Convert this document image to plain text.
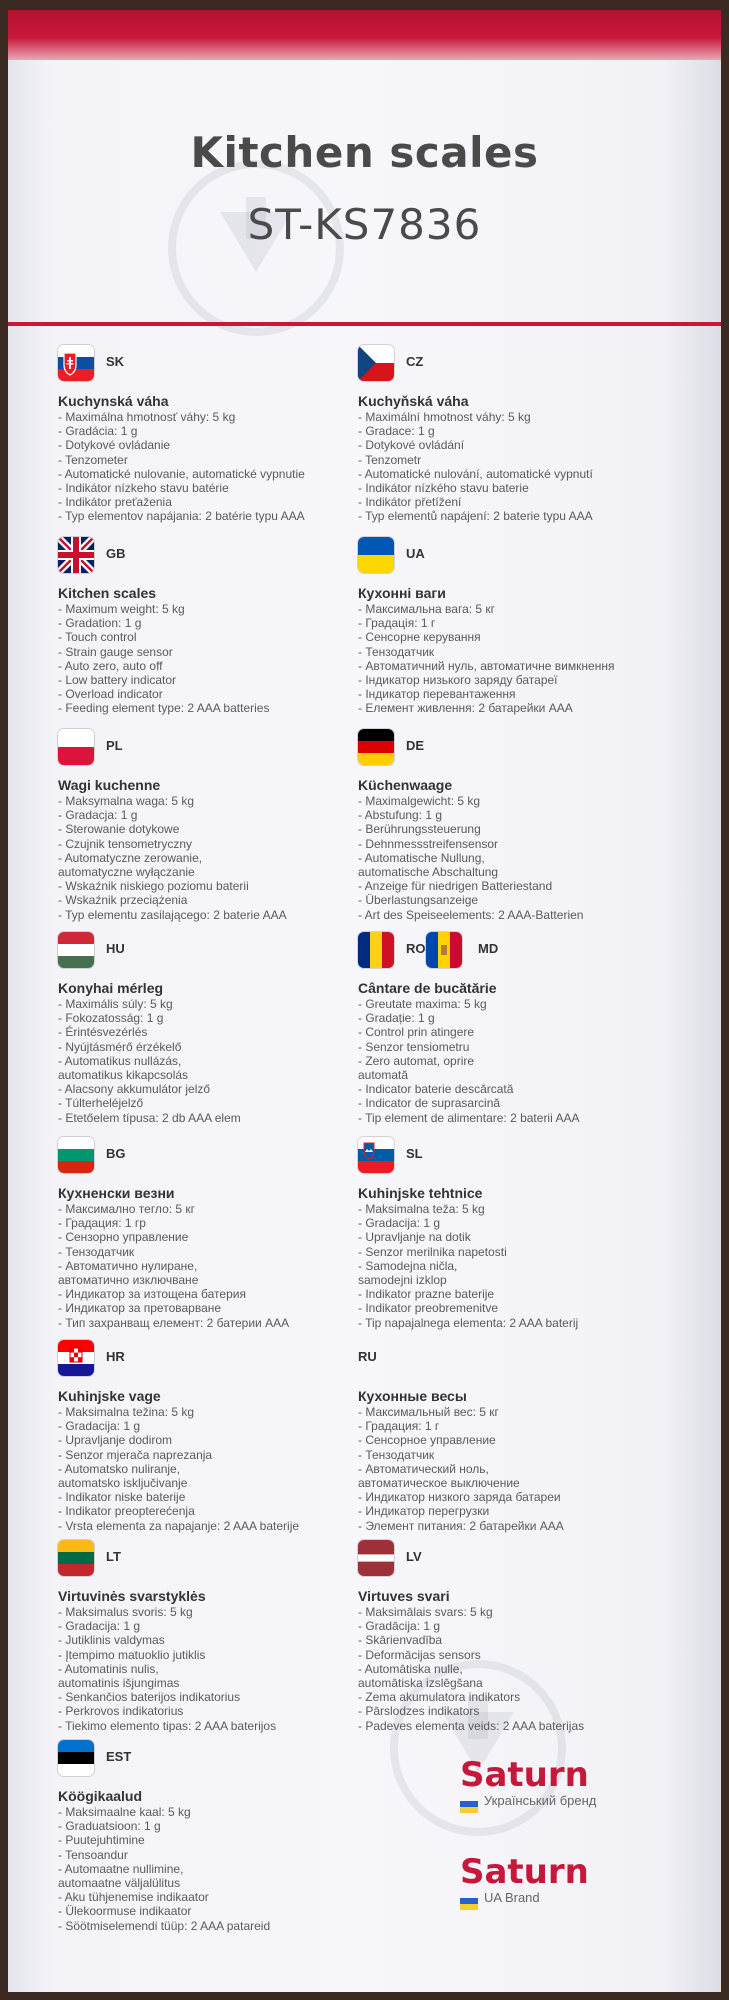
Kitchen scales
ST-KS7836
SK
Kuchynská váha
- Maximálna hmotnosť váhy: 5 kg
- Gradácia: 1 g
- Dotykové ovládanie
- Tenzometer
- Automatické nulovanie, automatické vypnutie
- Indikátor nízkeho stavu batérie
- Indikátor preťaženia
- Typ elementov napájania: 2 batérie typu AAA
CZ
Kuchyňská váha
- Maximální hmotnost váhy: 5 kg
- Gradace: 1 g
- Dotykové ovládání
- Tenzometr
- Automatické nulování, automatické vypnutí
- Indikátor nízkého stavu baterie
- Indikátor přetížení
- Typ elementů napájení: 2 baterie typu AAA
GB
Kitchen scales
- Maximum weight: 5 kg
- Gradation: 1 g
- Touch control
- Strain gauge sensor
- Auto zero, auto off
- Low battery indicator
- Overload indicator
- Feeding element type: 2 AAA batteries
UA
Кухонні ваги
- Максимальна вага: 5 кг
- Градація: 1 г
- Сенсорне керування
- Тензодатчик
- Автоматичний нуль, автоматичне вимкнення
- Індикатор низького заряду батареї
- Індикатор перевантаження
- Елемент живлення: 2 батарейки ААА
PL
Wagi kuchenne
- Maksymalna waga: 5 kg
- Gradacja: 1 g
- Sterowanie dotykowe
- Czujnik tensometryczny
- Automatyczne zerowanie,
automatyczne wyłączanie
- Wskaźnik niskiego poziomu baterii
- Wskaźnik przeciążenia
- Typ elementu zasilającego: 2 baterie AAA
DE
Küchenwaage
- Maximalgewicht: 5 kg
- Abstufung: 1 g
- Berührungssteuerung
- Dehnmessstreifensensor
- Automatische Nullung,
automatische Abschaltung
- Anzeige für niedrigen Batteriestand
- Überlastungsanzeige
- Art des Speiseelements: 2 AAA-Batterien
HU
Konyhai mérleg
- Maximális súly: 5 kg
- Fokozatosság: 1 g
- Érintésvezérlés
- Nyújtásmérő érzékelő
- Automatikus nullázás,
automatikus kikapcsolás
- Alacsony akkumulátor jelző
- Túlterheléjelző
- Etetőelem típusa: 2 db AAA elem
RO	MD
Cântare de bucătărie
- Greutate maxima: 5 kg
- Gradație: 1 g
- Control prin atingere
- Senzor tensiometru
- Zero automat, oprire
automată
- Indicator baterie descărcată
- Indicator de suprasarcină
- Tip element de alimentare: 2 baterii AAA
BG
Кухненски везни
- Максимално тегло: 5 кг
- Градация: 1 гр
- Сензорно управление
- Тензодатчик
- Автоматично нулиране,
автоматично изключване
- Индикатор за изтощена батерия
- Индикатор за претоварване
- Тип захранващ елемент: 2 батерии ААА
SL
Kuhinjske tehtnice
- Maksimalna teža: 5 kg
- Gradacija: 1 g
- Upravljanje na dotik
- Senzor merilnika napetosti
- Samodejna ničla,
samodejni izklop
- Indikator prazne baterije
- Indikator preobremenitve
- Tip napajalnega elementa: 2 AAA baterij
HR
Kuhinjske vage
- Maksimalna težina: 5 kg
- Gradacija: 1 g
- Upravljanje dodirom
- Senzor mjerača naprezanja
- Automatsko nuliranje,
automatsko isključivanje
- Indikator niske baterije
- Indikator preopterećenja
- Vrsta elementa za napajanje: 2 AAA baterije
RU
Кухонные весы
- Максимальный вес: 5 кг
- Градация: 1 г
- Сенсорное управление
- Тензодатчик
- Автоматический ноль,
автоматическое выключение
- Индикатор низкого заряда батареи
- Индикатор перегрузки
- Элемент питания: 2 батарейки ААА
LT
Virtuvinės svarstyklės
- Maksimalus svoris: 5 kg
- Gradacija: 1 g
- Jutiklinis valdymas
- Įtempimo matuoklio jutiklis
- Automatinis nulis,
automatinis išjungimas
- Senkančios baterijos indikatorius
- Perkrovos indikatorius
- Tiekimo elemento tipas: 2 AAA baterijos
LV
Virtuves svari
- Maksimālais svars: 5 kg
- Gradācija: 1 g
- Skārienvadība
- Deformācijas sensors
- Automātiska nulle,
automātiska izslēgšana
- Zema akumulatora indikators
- Pārslodzes indikators
- Padeves elementa veids: 2 AAA baterijas
EST
Köögikaalud
- Maksimaalne kaal: 5 kg
- Graduatsioon: 1 g
- Puutejuhtimine
- Tensoandur
- Automaatne nullimine,
automaatne väljalülitus
- Aku tühjenemise indikaator
- Ülekoormuse indikaator
- Söötmiselemendi tüüp: 2 AAA patareid
Saturn
Український бренд
Saturn
UA Brand
